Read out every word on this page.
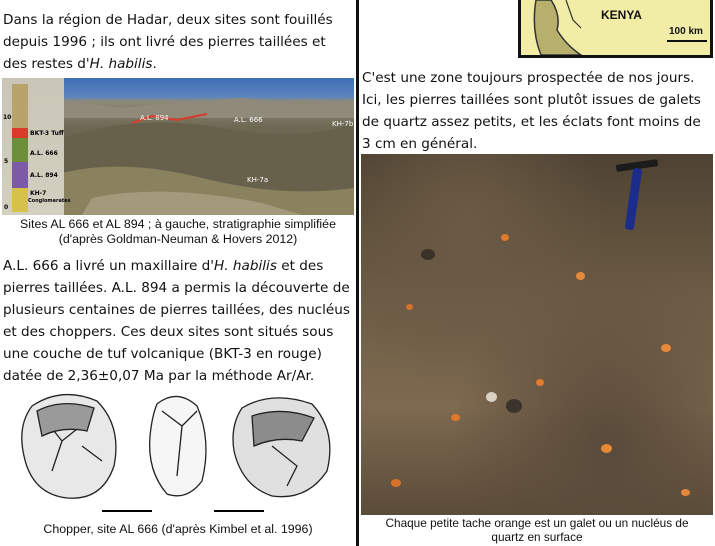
Dans la région de Hadar, deux sites sont fouillés

depuis 1996 ; ils ont livré des pierres taillées et

des restes d'H. habilis.

A.L. 894	A.L. 666	KH-7b
KH-7a
10
5
0
BKT-3 Tuff
A.L. 666
A.L. 894
KH-7
Conglomerates
Sites AL 666 et AL 894 ; à gauche, stratigraphie simplifiée
(d'après Goldman-Neuman & Hovers 2012)

A.L. 666 a livré un maxillaire d'H. habilis et des

pierres taillées. A.L. 894 a permis la découverte de

plusieurs centaines de pierres taillées, des nucléus

et des choppers. Ces deux sites sont situés sous

une couche de tuf volcanique (BKT-3 en rouge)

datée de 2,36±0,07 Ma par la méthode Ar/Ar.

Chopper, site AL 666 (d'après Kimbel et al. 1996)
KENYA
100 km

C'est une zone toujours prospectée de nos jours.

Ici, les pierres taillées sont plutôt issues de galets

de quartz assez petits, et les éclats font moins de

3 cm en général.

Chaque petite tache orange est un galet ou un nucléus de
quartz en surface
